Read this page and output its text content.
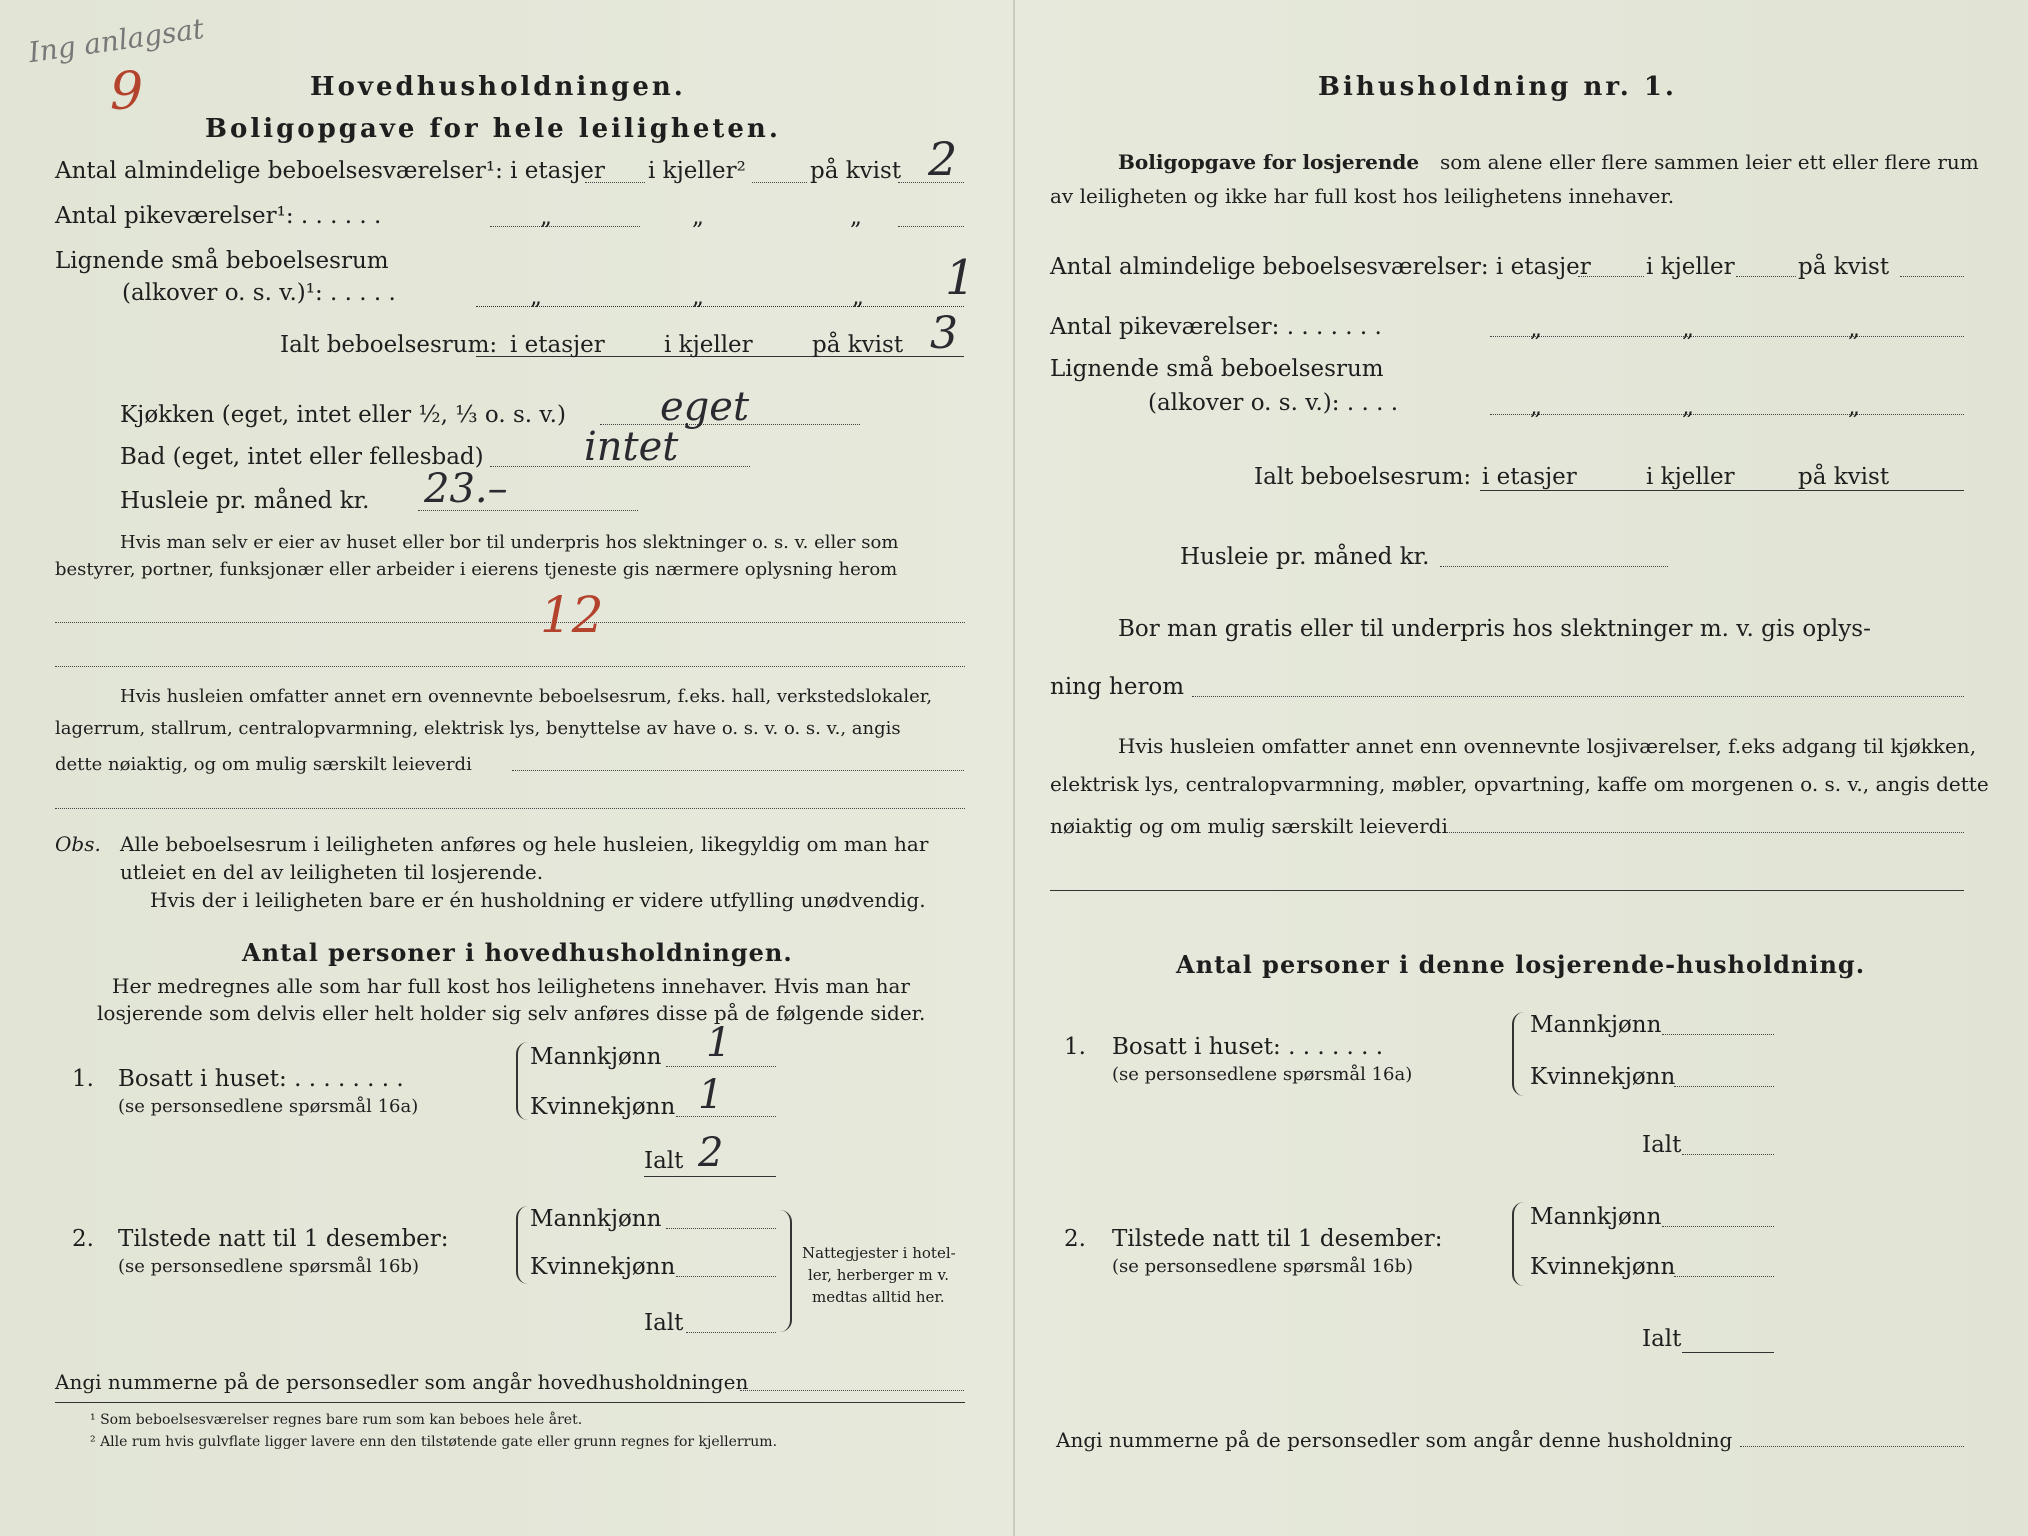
Ing anlagsat
9	Hovedhusholdningen.
Boligopgave for hele leiligheten.
Antal almindelige beboelsesværelser¹: i etasjer i kjeller²	på kvist 2
Antal pikeværelser¹: . . . . . .	„	„	„
Lignende små beboelsesrum
(alkover o. s. v.)¹: . . . . .	„	„	„ 1
Ialt beboelsesrum: i etasjer	i kjeller	på kvist 3
Kjøkken (eget, intet eller ½, ⅓ o. s. v.) eget
Bad (eget, intet eller fellesbad)	intet
Husleie pr. måned kr. 23.–
Hvis man selv er eier av huset eller bor til underpris hos slektninger o. s. v. eller som
bestyrer, portner, funksjonær eller arbeider i eierens tjeneste gis nærmere oplysning herom
12
Hvis husleien omfatter annet ern ovennevnte beboelsesrum, f.eks. hall, verkstedslokaler,
lagerrum, stallrum, centralopvarmning, elektrisk lys, benyttelse av have o. s. v. o. s. v., angis
dette nøiaktig, og om mulig særskilt leieverdi
Obs. Alle beboelsesrum i leiligheten anføres og hele husleien, likegyldig om man har
utleiet en del av leiligheten til losjerende.
Hvis der i leiligheten bare er én husholdning er videre utfylling unødvendig.
Antal personer i hovedhusholdningen.
Her medregnes alle som har full kost hos leilighetens innehaver. Hvis man har
losjerende som delvis eller helt holder sig selv anføres disse på de følgende sider.
1. Bosatt i huset: . . . . . . . .
(se personsedlene spørsmål 16a)
Mannkjønn 1
Kvinnekjønn 1
Ialt 2
2. Tilstede natt til 1 desember:
(se personsedlene spørsmål 16b)
Mannkjønn
Kvinnekjønn
Ialt
Nattegjester i hotel-
ler, herberger m v.
medtas alltid her.
Angi nummerne på de personsedler som angår hovedhusholdningen
¹ Som beboelsesværelser regnes bare rum som kan beboes hele året.
² Alle rum hvis gulvflate ligger lavere enn den tilstøtende gate eller grunn regnes for kjellerrum.
Bihusholdning nr. 1.
Boligopgave for losjerende som alene eller flere sammen leier ett eller flere rum
av leiligheten og ikke har full kost hos leilighetens innehaver.
Antal almindelige beboelsesværelser: i etasjer i kjeller	på kvist
Antal pikeværelser: . . . . . . .	„	„	„
Lignende små beboelsesrum
(alkover o. s. v.): . . . .	„	„	„
Ialt beboelsesrum: i etasjer	i kjeller	på kvist
Husleie pr. måned kr.
Bor man gratis eller til underpris hos slektninger m. v. gis oplys-
ning herom
Hvis husleien omfatter annet enn ovennevnte losjiværelser, f.eks adgang til kjøkken,
elektrisk lys, centralopvarmning, møbler, opvartning, kaffe om morgenen o. s. v., angis dette
nøiaktig og om mulig særskilt leieverdi
Antal personer i denne losjerende-husholdning.
1. Bosatt i huset: . . . . . . .
(se personsedlene spørsmål 16a)
Mannkjønn
Kvinnekjønn
Ialt
2. Tilstede natt til 1 desember:
(se personsedlene spørsmål 16b)
Mannkjønn
Kvinnekjønn
Ialt
Angi nummerne på de personsedler som angår denne husholdning
